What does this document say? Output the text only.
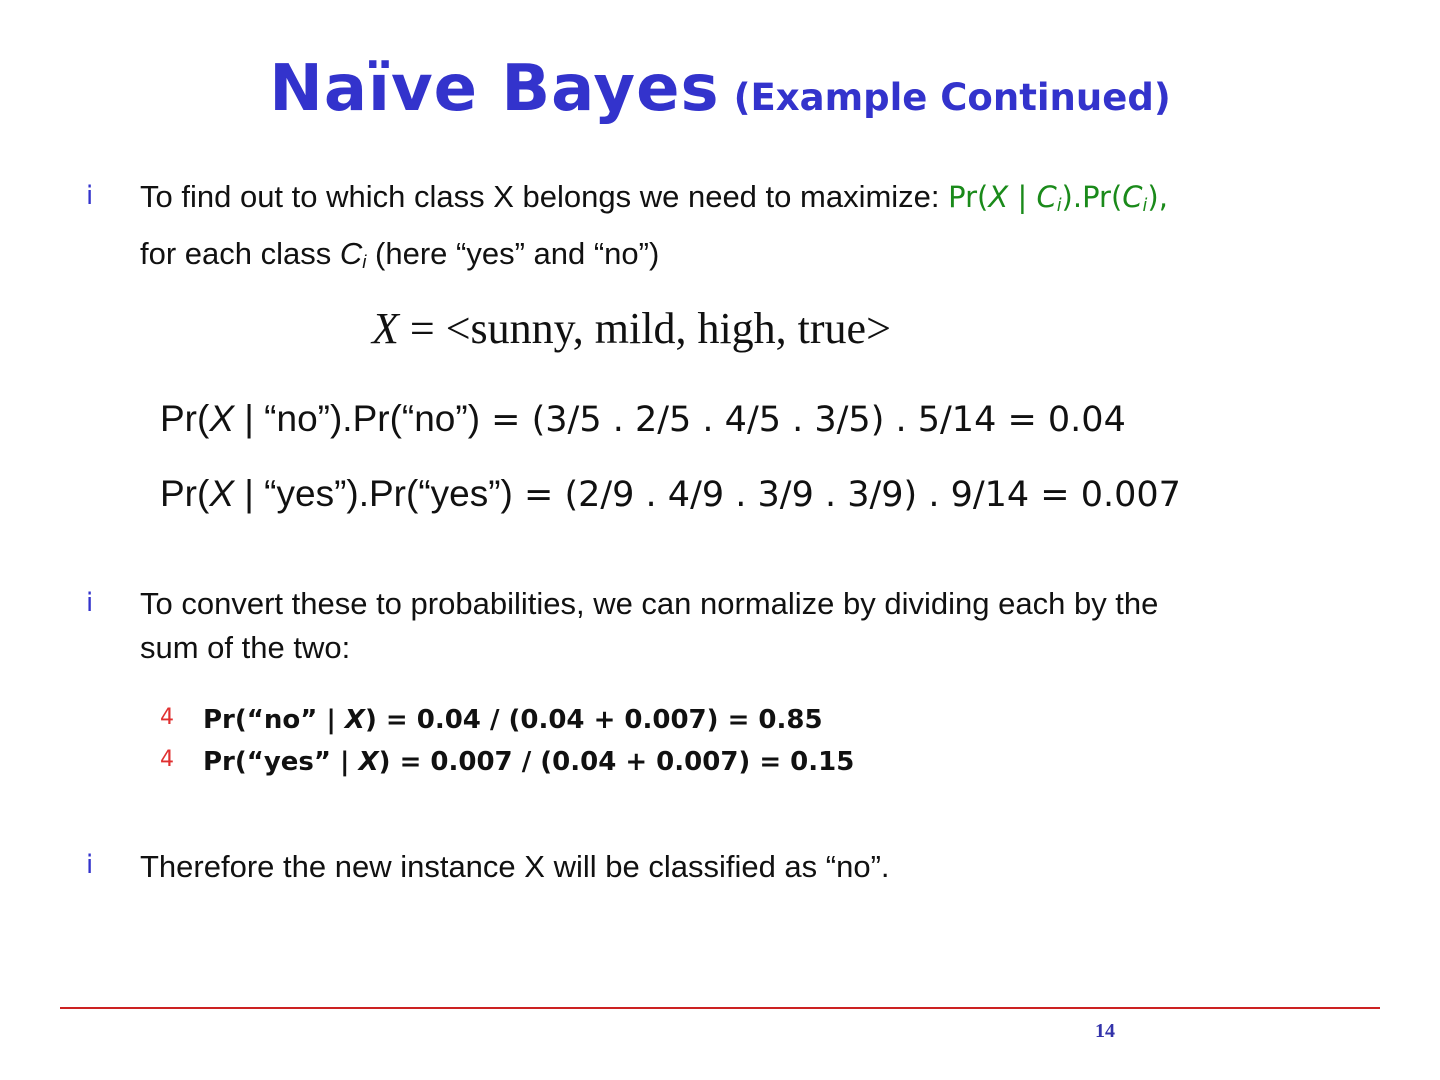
Naïve Bayes (Example Continued)
i To find out to which class X belongs we need to maximize: Pr(X | $C_i).Pr(C_i)$,
for each class $C_i$ (here “yes” and “no”)
X = <sunny, mild, high, true>
Pr(X | “no”).Pr(“no”) = (3/5 . 2/5 . 4/5 . 3/5) . 5/14 = 0.04
Pr(X | “yes”).Pr(“yes”) = (2/9 . 4/9 . 3/9 . 3/9) . 9/14 = 0.007
i To convert these to probabilities, we can normalize by dividing each by the
sum of the two:
4 Pr(“no” | X) = 0.04 / (0.04 + 0.007) = 0.85
4 Pr(“yes” | X) = 0.007 / (0.04 + 0.007) = 0.15
i Therefore the new instance X will be classified as “no”.
14
